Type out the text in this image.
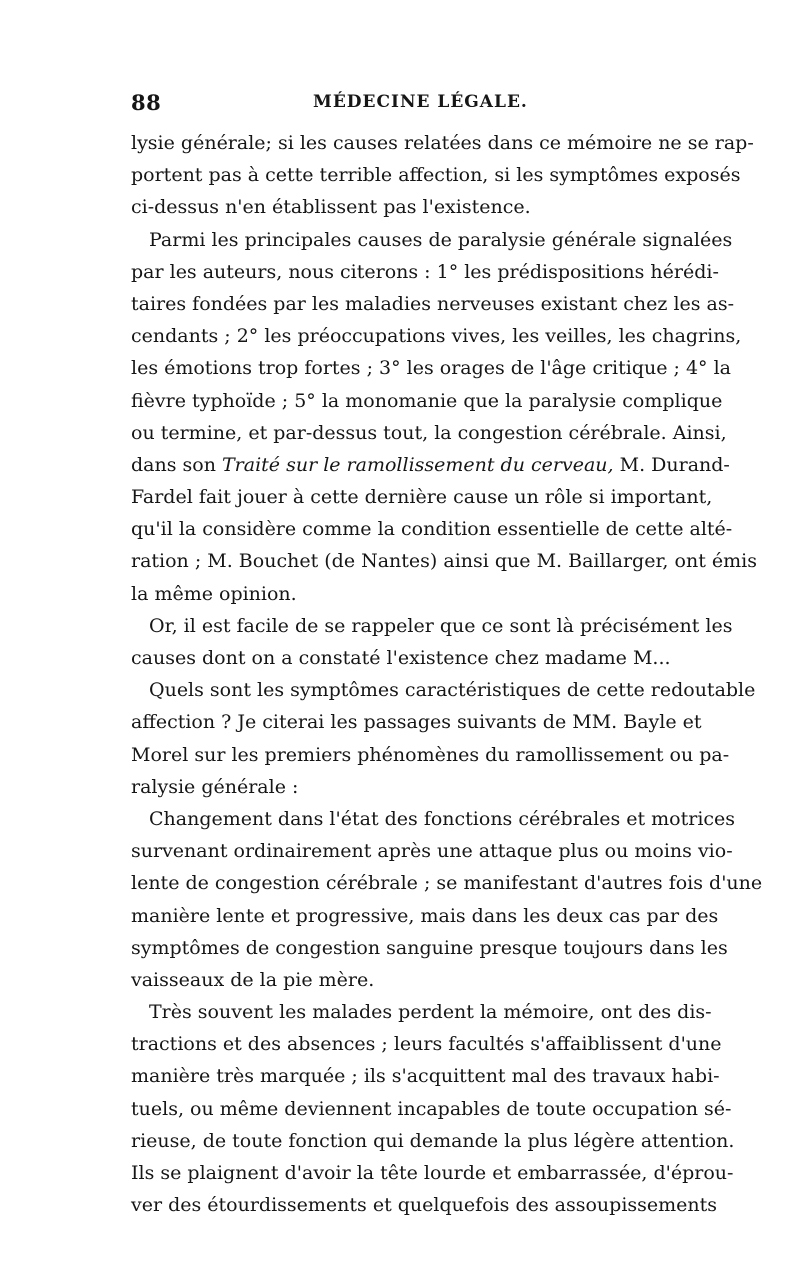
88	MÉDECINE LÉGALE.
lysie générale; si les causes relatées dans ce mémoire ne se rap-
portent pas à cette terrible affection, si les symptômes exposés
ci-dessus n'en établissent pas l'existence.
Parmi les principales causes de paralysie générale signalées
par les auteurs, nous citerons : 1° les prédispositions hérédi-
taires fondées par les maladies nerveuses existant chez les as-
cendants ; 2° les préoccupations vives, les veilles, les chagrins,
les émotions trop fortes ; 3° les orages de l'âge critique ; 4° la
fièvre typhoïde ; 5° la monomanie que la paralysie complique
ou termine, et par-dessus tout, la congestion cérébrale. Ainsi,
dans son Traité sur le ramollissement du cerveau, M. Durand-
Fardel fait jouer à cette dernière cause un rôle si important,
qu'il la considère comme la condition essentielle de cette alté-
ration ; M. Bouchet (de Nantes) ainsi que M. Baillarger, ont émis
la même opinion.
Or, il est facile de se rappeler que ce sont là précisément les
causes dont on a constaté l'existence chez madame M...
Quels sont les symptômes caractéristiques de cette redoutable
affection ? Je citerai les passages suivants de MM. Bayle et
Morel sur les premiers phénomènes du ramollissement ou pa-
ralysie générale :
Changement dans l'état des fonctions cérébrales et motrices
survenant ordinairement après une attaque plus ou moins vio-
lente de congestion cérébrale ; se manifestant d'autres fois d'une
manière lente et progressive, mais dans les deux cas par des
symptômes de congestion sanguine presque toujours dans les
vaisseaux de la pie mère.
Très souvent les malades perdent la mémoire, ont des dis-
tractions et des absences ; leurs facultés s'affaiblissent d'une
manière très marquée ; ils s'acquittent mal des travaux habi-
tuels, ou même deviennent incapables de toute occupation sé-
rieuse, de toute fonction qui demande la plus légère attention.
Ils se plaignent d'avoir la tête lourde et embarrassée, d'éprou-
ver des étourdissements et quelquefois des assoupissements
